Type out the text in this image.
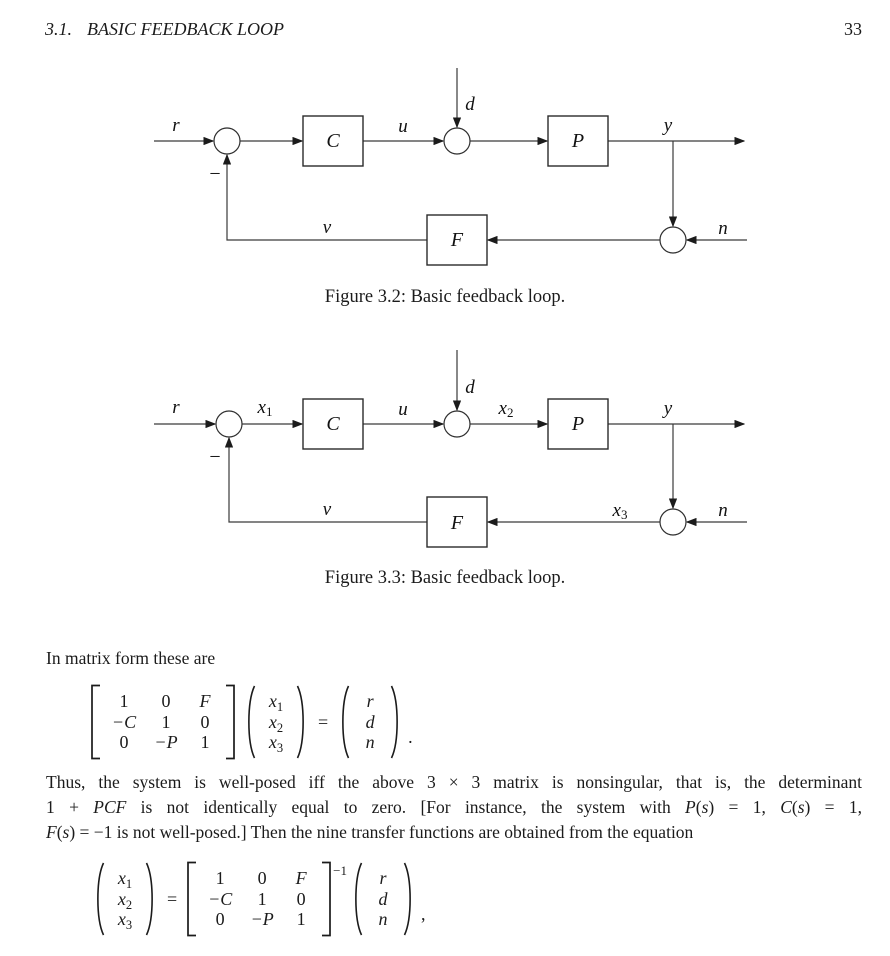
3.1. BASIC FEEDBACK LOOP	33
C	P
F
r
d
u	y
n
v
−
C	P
F
r
d
u	y
n
v
−
x1	x2
x3
Figure 3.2: Basic feedback loop.
Figure 3.3: Basic feedback loop.
In matrix form these are
1	0	F
−C	1	0
0	−P	1
$x_1$
$x_2$
$x_3$
=
r
d
n .
Thus, the system is well-posed iff the above 3 × 3 matrix is nonsingular, that is, the determinant
1 + PCF is not identically equal to zero. [For instance, the system with P(s) = 1, C(s) = 1,
F(s) = −1 is not well-posed.] Then the nine transfer functions are obtained from the equation
$x_1$
$x_2$
$x_3$
=
1	0	F
−C	1	0
0	−P	1
−1 r
d
n ,
